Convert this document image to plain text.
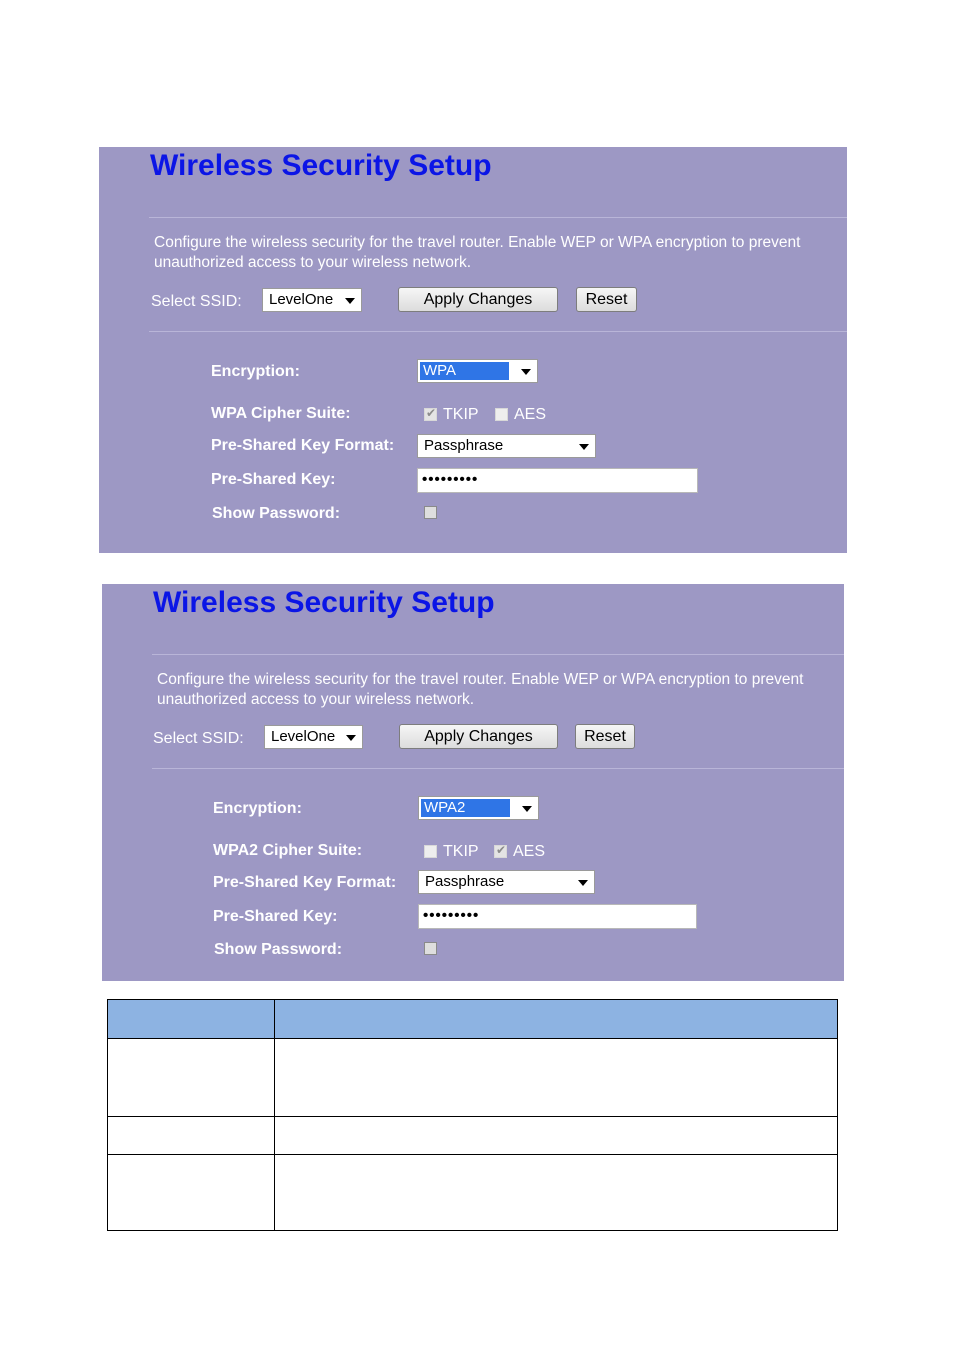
Wireless Security Setup
Configure the wireless security for the travel router. Enable WEP or WPA encryption to prevent unauthorized access to your wireless network.
Select SSID:	LevelOne	Apply Changes	Reset
Encryption:	WPA
WPA Cipher Suite: ✔	TKIP AES
Pre-Shared Key Format:	Passphrase
Pre-Shared Key:	•••••••••
Show Password:
Wireless Security Setup
Configure the wireless security for the travel router. Enable WEP or WPA encryption to prevent unauthorized access to your wireless network.
Select SSID:	LevelOne	Apply Changes	Reset
Encryption:	WPA2
WPA2 Cipher Suite:	TKIP ✔ AES
Pre-Shared Key Format:	Passphrase
Pre-Shared Key:	•••••••••
Show Password:
